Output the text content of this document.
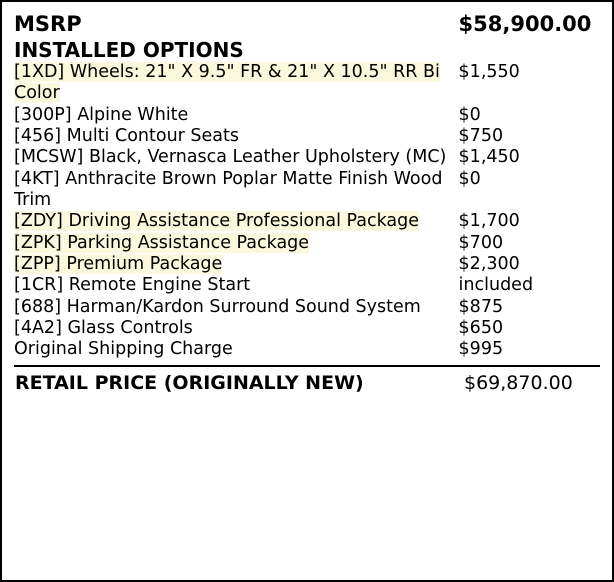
MSRP	$58,900.00
INSTALLED OPTIONS	
[1XD] Wheels: 21" X 9.5" FR & 21" X 10.5" RR Bi Color	$1,550
[300P] Alpine White	$0
[456] Multi Contour Seats	$750
[MCSW] Black, Vernasca Leather Upholstery (MC)	$1,450
[4KT] Anthracite Brown Poplar Matte Finish Wood Trim	$0
[ZDY] Driving Assistance Professional Package	$1,700
[ZPK] Parking Assistance Package	$700
[ZPP] Premium Package	$2,300
[1CR] Remote Engine Start	included
[688] Harman/Kardon Surround Sound System	$875
[4A2] Glass Controls	$650
Original Shipping Charge	$995
RETAIL PRICE (ORIGINALLY NEW)	$69,870.00
